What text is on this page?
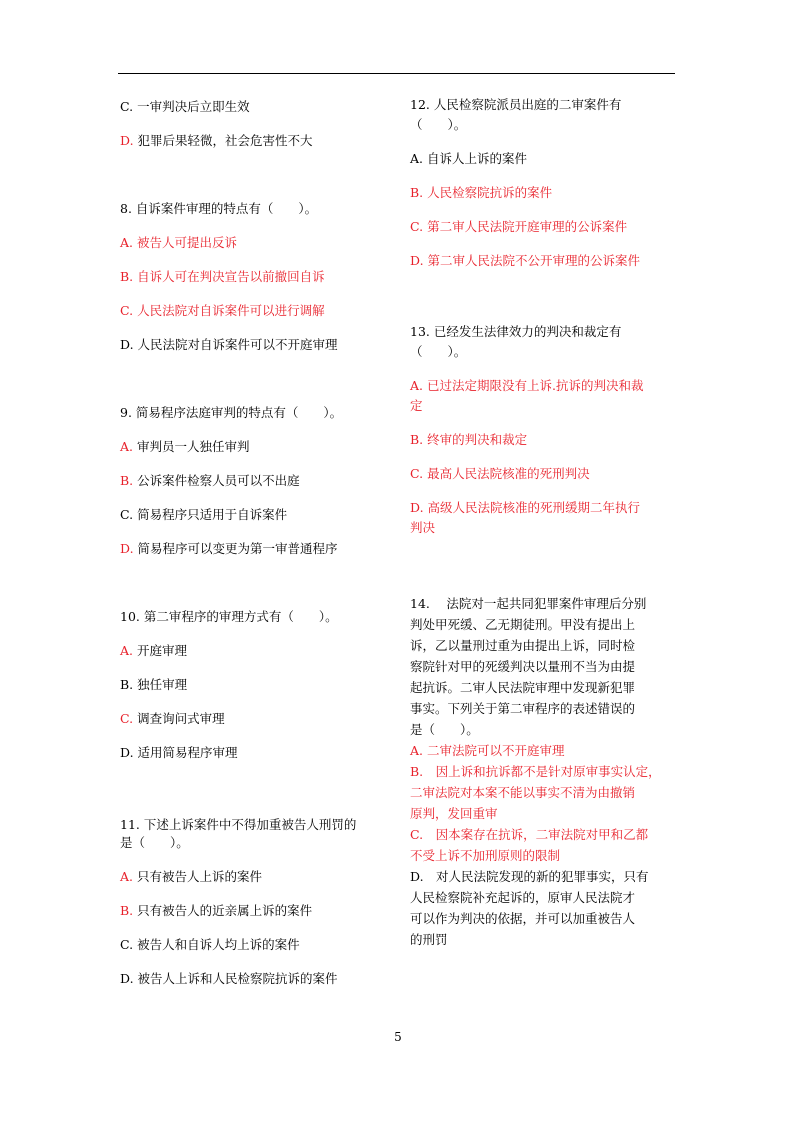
C. 一审判决后立即生效
D. 犯罪后果轻微，社会危害性不大
8. 自诉案件审理的特点有（　　）。
A. 被告人可提出反诉
B. 自诉人可在判决宣告以前撤回自诉
C. 人民法院对自诉案件可以进行调解
D. 人民法院对自诉案件可以不开庭审理
9. 简易程序法庭审判的特点有（　　）。
A. 审判员一人独任审判
B. 公诉案件检察人员可以不出庭
C. 简易程序只适用于自诉案件
D. 简易程序可以变更为第一审普通程序
10. 第二审程序的审理方式有（　　）。
A. 开庭审理
B. 独任审理
C. 调查询问式审理
D. 适用简易程序审理
11. 下述上诉案件中不得加重被告人刑罚的
是（　　）。
A. 只有被告人上诉的案件
B. 只有被告人的近亲属上诉的案件
C. 被告人和自诉人均上诉的案件
D. 被告人上诉和人民检察院抗诉的案件
12. 人民检察院派员出庭的二审案件有
（　　）。
A. 自诉人上诉的案件
B. 人民检察院抗诉的案件
C. 第二审人民法院开庭审理的公诉案件
D. 第二审人民法院不公开审理的公诉案件
13. 已经发生法律效力的判决和裁定有
（　　）。
A. 已过法定期限没有上诉.抗诉的判决和裁
定
B. 终审的判决和裁定
C. 最高人民法院核准的死刑判决
D. 高级人民法院核准的死刑缓期二年执行
判决
14.　 法院对一起共同犯罪案件审理后分别
判处甲死缓、乙无期徒刑。甲没有提出上
诉，乙以量刑过重为由提出上诉，同时检
察院针对甲的死缓判决以量刑不当为由提
起抗诉。二审人民法院审理中发现新犯罪
事实。下列关于第二审程序的表述错误的
是（　　）。
A. 二审法院可以不开庭审理
B.　因上诉和抗诉都不是针对原审事实认定，
二审法院对本案不能以事实不清为由撤销
原判，发回重审
C.　因本案存在抗诉，二审法院对甲和乙都
不受上诉不加刑原则的限制
D.　对人民法院发现的新的犯罪事实，只有
人民检察院补充起诉的，原审人民法院才
可以作为判决的依据，并可以加重被告人
的刑罚
5
